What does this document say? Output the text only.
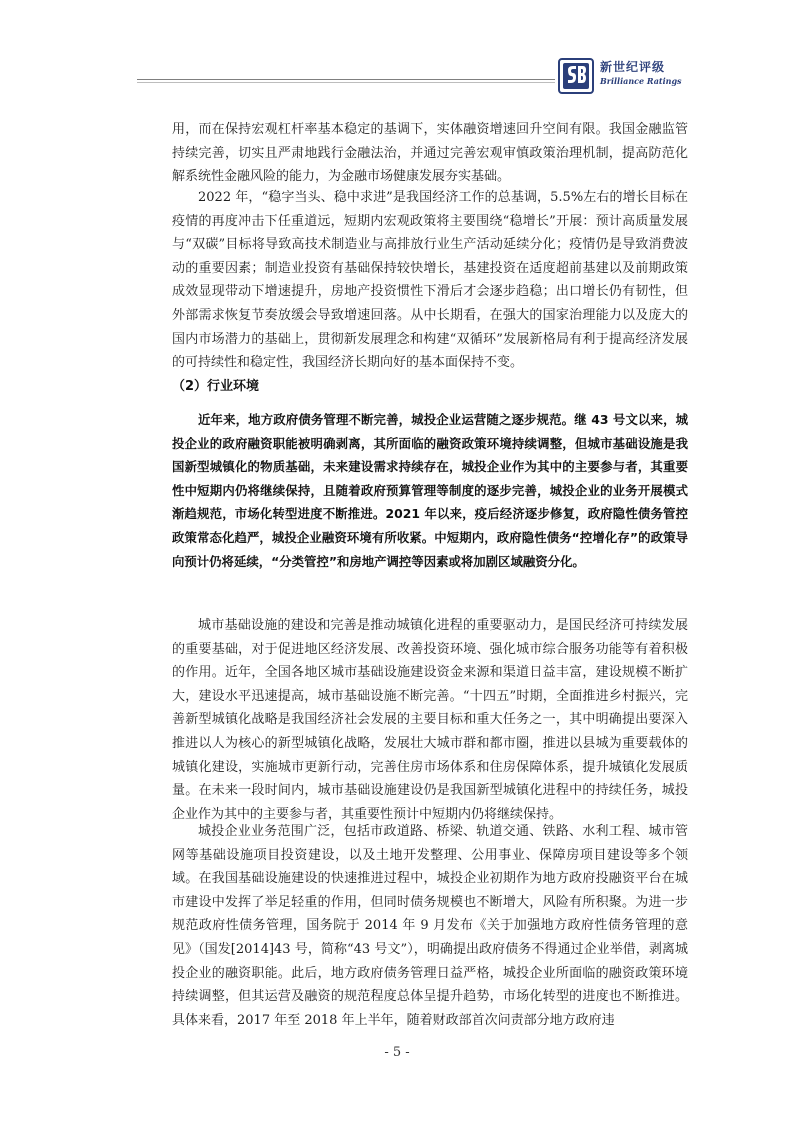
新世纪评级
Brilliance Ratings

用，而在保持宏观杠杆率基本稳定的基调下，实体融资增速回升空间有限。我国金融监管持续完善，切实且严肃地践行金融法治，并通过完善宏观审慎政策治理机制，提高防范化解系统性金融风险的能力，为金融市场健康发展夯实基础。

2022 年，“稳字当头、稳中求进”是我国经济工作的总基调，5.5%左右的增长目标在疫情的再度冲击下任重道远，短期内宏观政策将主要围绕“稳增长”开展：预计高质量发展与“双碳”目标将导致高技术制造业与高排放行业生产活动延续分化；疫情仍是导致消费波动的重要因素；制造业投资有基础保持较快增长，基建投资在适度超前基建以及前期政策成效显现带动下增速提升，房地产投资惯性下滑后才会逐步趋稳；出口增长仍有韧性，但外部需求恢复节奏放缓会导致增速回落。从中长期看，在强大的国家治理能力以及庞大的国内市场潜力的基础上，贯彻新发展理念和构建“双循环”发展新格局有利于提高经济发展的可持续性和稳定性，我国经济长期向好的基本面保持不变。

（2）行业环境

近年来，地方政府债务管理不断完善，城投企业运营随之逐步规范。继 43 号文以来，城投企业的政府融资职能被明确剥离，其所面临的融资政策环境持续调整，但城市基础设施是我国新型城镇化的物质基础，未来建设需求持续存在，城投企业作为其中的主要参与者，其重要性中短期内仍将继续保持，且随着政府预算管理等制度的逐步完善，城投企业的业务开展模式渐趋规范，市场化转型进度不断推进。2021 年以来，疫后经济逐步修复，政府隐性债务管控政策常态化趋严，城投企业融资环境有所收紧。中短期内，政府隐性债务“控增化存”的政策导向预计仍将延续，“分类管控”和房地产调控等因素或将加剧区域融资分化。

城市基础设施的建设和完善是推动城镇化进程的重要驱动力，是国民经济可持续发展的重要基础，对于促进地区经济发展、改善投资环境、强化城市综合服务功能等有着积极的作用。近年，全国各地区城市基础设施建设资金来源和渠道日益丰富，建设规模不断扩大，建设水平迅速提高，城市基础设施不断完善。“十四五”时期，全面推进乡村振兴，完善新型城镇化战略是我国经济社会发展的主要目标和重大任务之一，其中明确提出要深入推进以人为核心的新型城镇化战略，发展壮大城市群和都市圈，推进以县城为重要载体的城镇化建设，实施城市更新行动，完善住房市场体系和住房保障体系，提升城镇化发展质量。在未来一段时间内，城市基础设施建设仍是我国新型城镇化进程中的持续任务，城投企业作为其中的主要参与者，其重要性预计中短期内仍将继续保持。

城投企业业务范围广泛，包括市政道路、桥梁、轨道交通、铁路、水利工程、城市管网等基础设施项目投资建设，以及土地开发整理、公用事业、保障房项目建设等多个领域。在我国基础设施建设的快速推进过程中，城投企业初期作为地方政府投融资平台在城市建设中发挥了举足轻重的作用，但同时债务规模也不断增大，风险有所积聚。为进一步规范政府性债务管理，国务院于 2014 年 9 月发布《关于加强地方政府性债务管理的意见》（国发[2014]43 号，简称“43 号文”），明确提出政府债务不得通过企业举借，剥离城投企业的融资职能。此后，地方政府债务管理日益严格，城投企业所面临的融资政策环境持续调整，但其运营及融资的规范程度总体呈提升趋势，市场化转型的进度也不断推进。具体来看，2017 年至 2018 年上半年，随着财政部首次问责部分地方政府违

- 5 -
